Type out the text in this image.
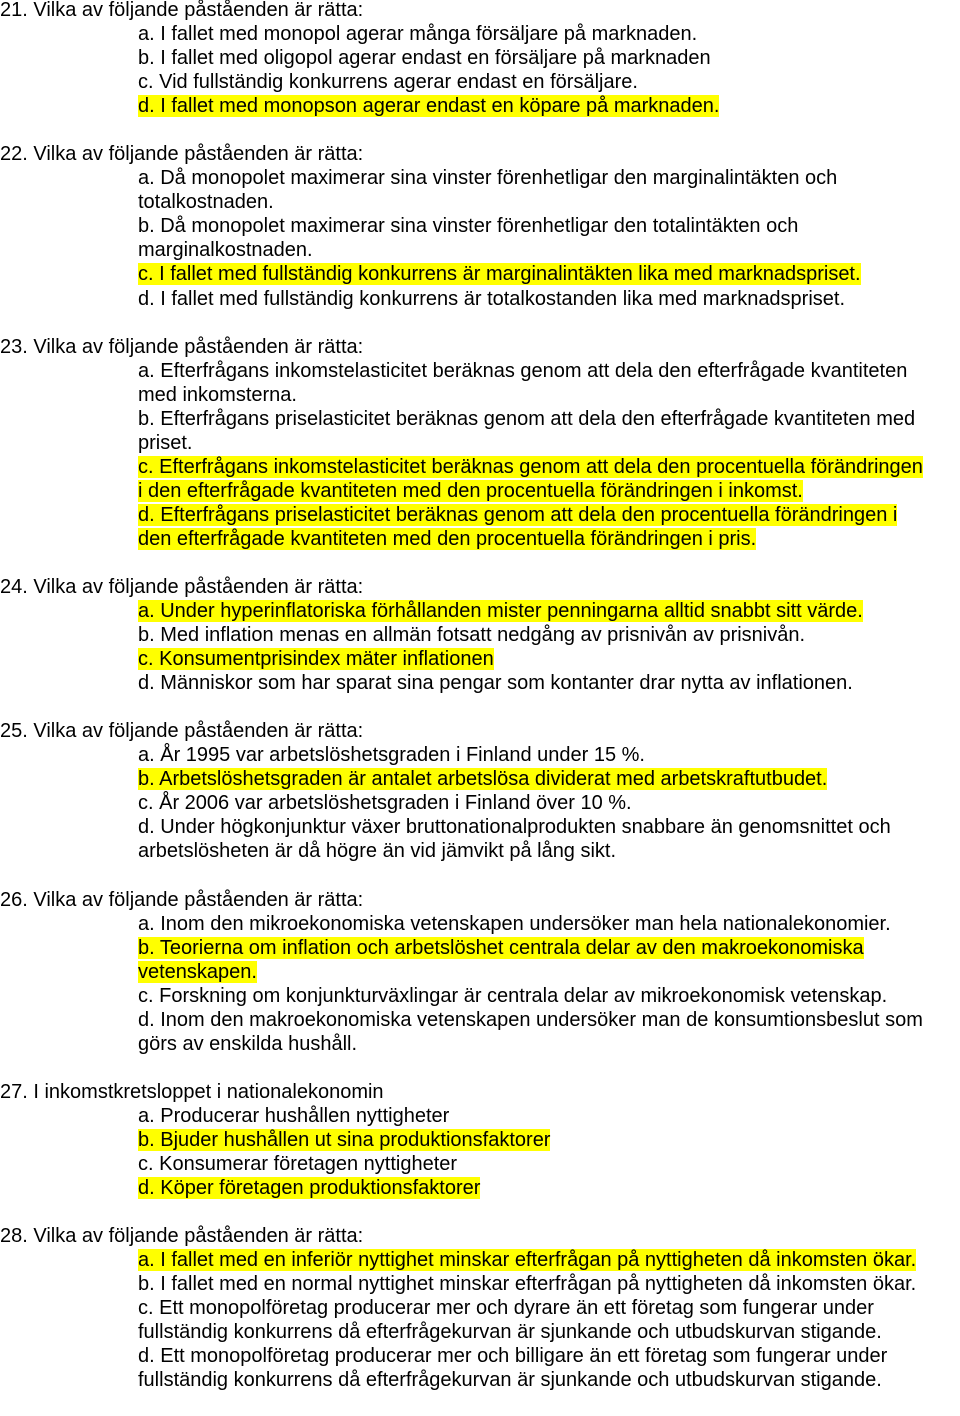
21. Vilka av följande påståenden är rätta:
a. I fallet med monopol agerar många försäljare på marknaden.
b. I fallet med oligopol agerar endast en försäljare på marknaden
c. Vid fullständig konkurrens agerar endast en försäljare.
d. I fallet med monopson agerar endast en köpare på marknaden.
22. Vilka av följande påståenden är rätta:
a. Då monopolet maximerar sina vinster förenhetligar den marginalintäkten och
totalkostnaden.
b. Då monopolet maximerar sina vinster förenhetligar den totalintäkten och
marginalkostnaden.
c. I fallet med fullständig konkurrens är marginalintäkten lika med marknadspriset.
d. I fallet med fullständig konkurrens är totalkostanden lika med marknadspriset.
23. Vilka av följande påståenden är rätta:
a. Efterfrågans inkomstelasticitet beräknas genom att dela den efterfrågade kvantiteten
med inkomsterna.
b. Efterfrågans priselasticitet beräknas genom att dela den efterfrågade kvantiteten med
priset.
c. Efterfrågans inkomstelasticitet beräknas genom att dela den procentuella förändringen
i den efterfrågade kvantiteten med den procentuella förändringen i inkomst.
d. Efterfrågans priselasticitet beräknas genom att dela den procentuella förändringen i
den efterfrågade kvantiteten med den procentuella förändringen i pris.
24. Vilka av följande påståenden är rätta:
a. Under hyperinflatoriska förhållanden mister penningarna alltid snabbt sitt värde.
b. Med inflation menas en allmän fotsatt nedgång av prisnivån av prisnivån.
c. Konsumentprisindex mäter inflationen
d. Människor som har sparat sina pengar som kontanter drar nytta av inflationen.
25. Vilka av följande påståenden är rätta:
a. År 1995 var arbetslöshetsgraden i Finland under 15 %.
b. Arbetslöshetsgraden är antalet arbetslösa dividerat med arbetskraftutbudet.
c. År 2006 var arbetslöshetsgraden i Finland över 10 %.
d. Under högkonjunktur växer bruttonationalprodukten snabbare än genomsnittet och
arbetslösheten är då högre än vid jämvikt på lång sikt.
26. Vilka av följande påståenden är rätta:
a. Inom den mikroekonomiska vetenskapen undersöker man hela nationalekonomier.
b. Teorierna om inflation och arbetslöshet centrala delar av den makroekonomiska
vetenskapen.
c. Forskning om konjunkturväxlingar är centrala delar av mikroekonomisk vetenskap.
d. Inom den makroekonomiska vetenskapen undersöker man de konsumtionsbeslut som
görs av enskilda hushåll.
27. I inkomstkretsloppet i nationalekonomin
a. Producerar hushållen nyttigheter
b. Bjuder hushållen ut sina produktionsfaktorer
c. Konsumerar företagen nyttigheter
d. Köper företagen produktionsfaktorer
28. Vilka av följande påståenden är rätta:
a. I fallet med en inferiör nyttighet minskar efterfrågan på nyttigheten då inkomsten ökar.
b. I fallet med en normal nyttighet minskar efterfrågan på nyttigheten då inkomsten ökar.
c. Ett monopolföretag producerar mer och dyrare än ett företag som fungerar under
fullständig konkurrens då efterfrågekurvan är sjunkande och utbudskurvan stigande.
d. Ett monopolföretag producerar mer och billigare än ett företag som fungerar under
fullständig konkurrens då efterfrågekurvan är sjunkande och utbudskurvan stigande.
